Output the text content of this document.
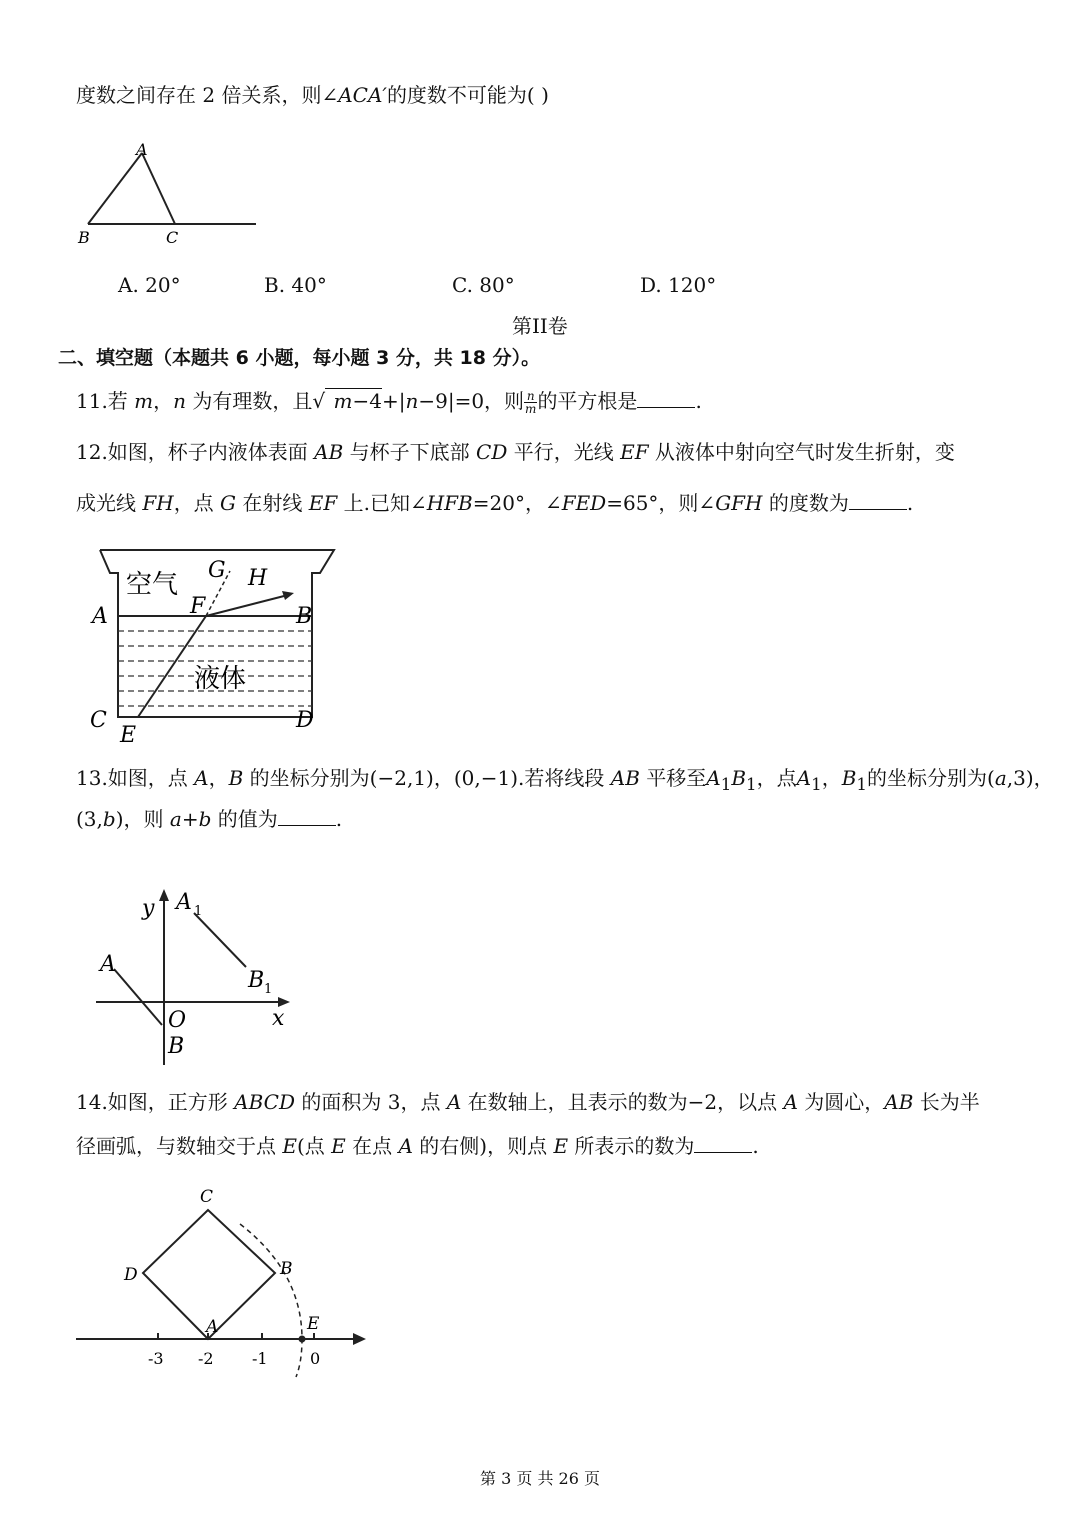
度数之间存在 2 倍关系，则∠ACA′的度数不可能为( )
A
B	C
A. 20°	B. 40°	C. 80°	D. 120°
第II卷
二、填空题（本题共 6 小题，每小题 3 分，共 18 分）。
11.若 m，n 为有理数，且√ m−4+|n−9|=0，则 $\frac{n}{m}$ 的平方根是	.
12.如图，杯子内液体表面 AB 与杯子下底部 CD 平行，光线 EF 从液体中射向空气时发生折射，变
成光线 FH，点 G 在射线 EF 上.已知∠HFB=20°，∠FED=65°，则∠GFH 的度数为	.
空气
液体
G H
F
A	B
C	D
E
13.如图，点 A，B 的坐标分别为(−2,1)，(0,−1).若将线段 AB 平移至$A_1B_1$，点$A_1$，$B_1$的坐标分别为(a,3)，
(3,b)，则 a+b 的值为	.
y A 1
A
B 1
O	x
B
14.如图，正方形 ABCD 的面积为 3，点 A 在数轴上，且表示的数为−2，以点 A 为圆心，AB 长为半
径画弧，与数轴交于点 E(点 E 在点 A 的右侧)，则点 E 所表示的数为	.
C
D	B
A	E
-3 -2 -1	0
第 3 页 共 26 页
